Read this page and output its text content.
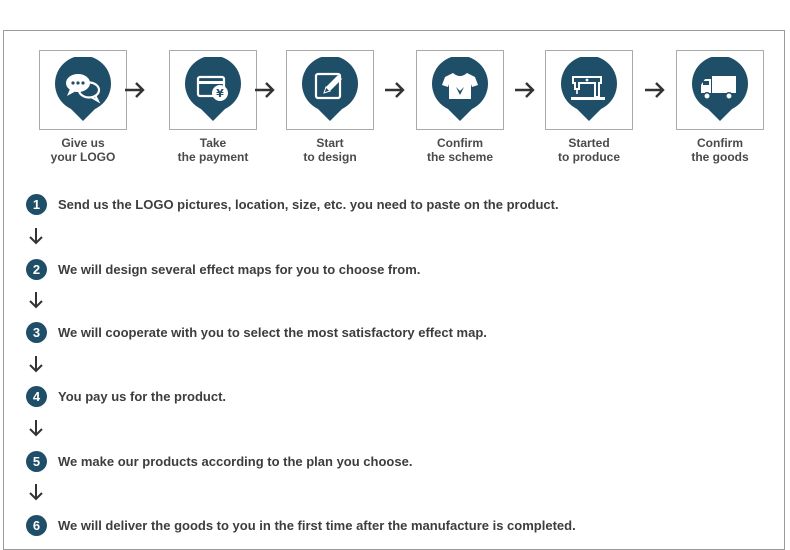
Give us
your LOGO
¥
Take
the payment
Start
to design
Confirm
the scheme
Started
to produce
Confirm
the goods
1	Send us the LOGO pictures, location, size, etc. you need to paste on the product.
2	We will design several effect maps for you to choose from.
3	We will cooperate with you to select the most satisfactory effect map.
4	You pay us for the product.
5	We make our products according to the plan you choose.
6	We will deliver the goods to you in the first time after the manufacture is completed.
